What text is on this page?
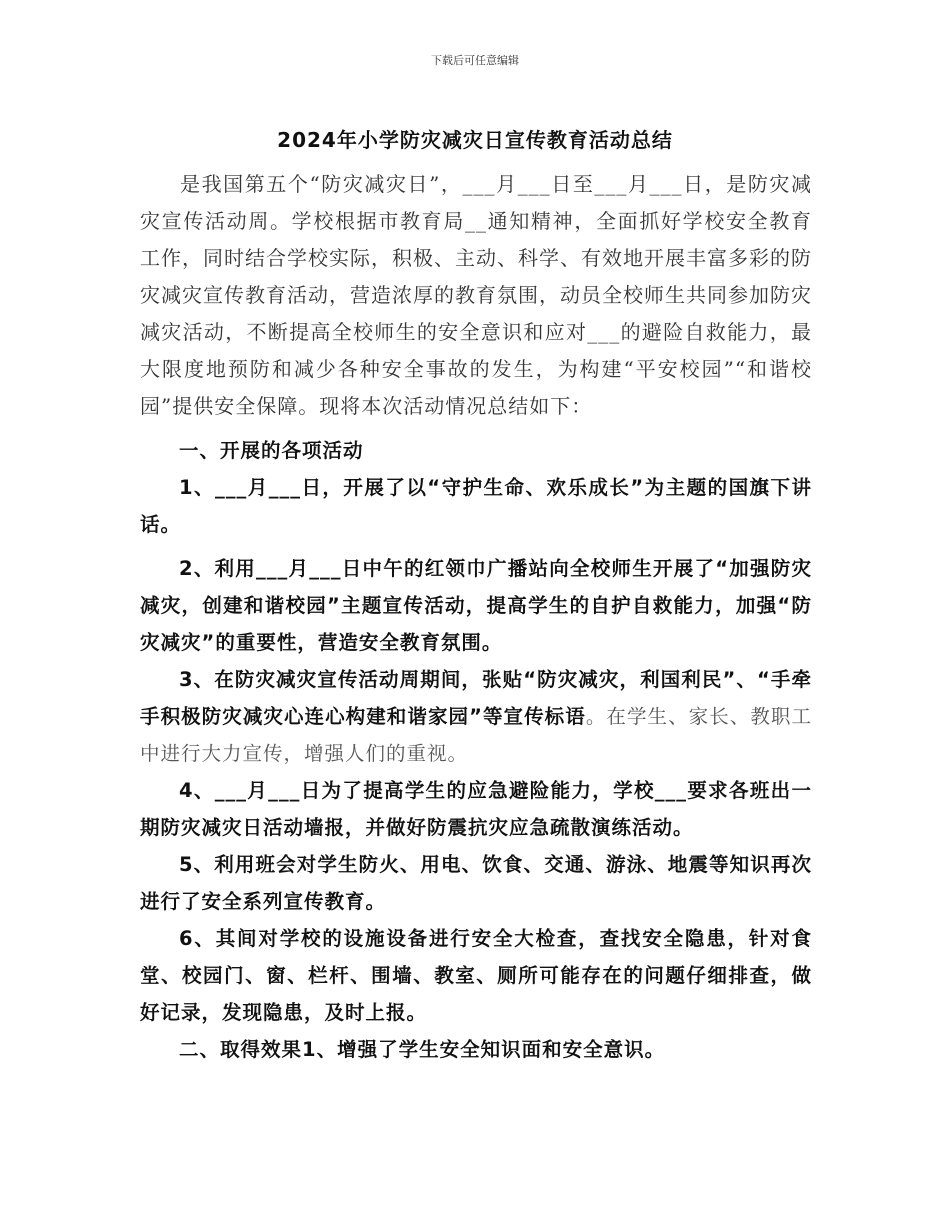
下载后可任意编辑
2024年小学防灾减灾日宣传教育活动总结

是我国第五个“防灾减灾日”，___月___日至___月___日，是防灾减灾宣传活动周。学校根据市教育局__通知精神，全面抓好学校安全教育工作，同时结合学校实际，积极、主动、科学、有效地开展丰富多彩的防灾减灾宣传教育活动，营造浓厚的教育氛围，动员全校师生共同参加防灾减灾活动，不断提高全校师生的安全意识和应对___的避险自救能力，最大限度地预防和减少各种安全事故的发生，为构建“平安校园”“和谐校园”提供安全保障。现将本次活动情况总结如下：

一、开展的各项活动

1、___月___日，开展了以“守护生命、欢乐成长”为主题的国旗下讲话。

2、利用___月___日中午的红领巾广播站向全校师生开展了“加强防灾减灾，创建和谐校园”主题宣传活动，提高学生的自护自救能力，加强“防灾减灾”的重要性，营造安全教育氛围。

3、在防灾减灾宣传活动周期间，张贴“防灾减灾，利国利民”、“手牵手积极防灾减灾心连心构建和谐家园”等宣传标语。在学生、家长、教职工中进行大力宣传，增强人们的重视。

4、___月___日为了提高学生的应急避险能力，学校___要求各班出一期防灾减灾日活动墙报，并做好防震抗灾应急疏散演练活动。

5、利用班会对学生防火、用电、饮食、交通、游泳、地震等知识再次进行了安全系列宣传教育。

6、其间对学校的设施设备进行安全大检查，查找安全隐患，针对食堂、校园门、窗、栏杆、围墙、教室、厕所可能存在的问题仔细排查，做好记录，发现隐患，及时上报。

二、取得效果1、增强了学生安全知识面和安全意识。
